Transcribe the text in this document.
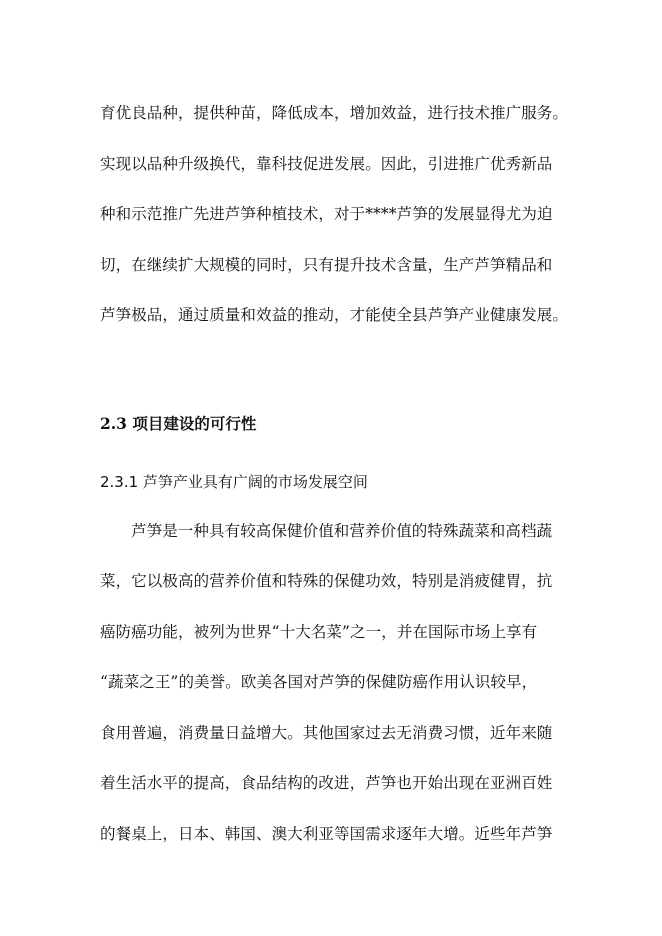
育优良品种，提供种苗，降低成本，增加效益，进行技术推广服务。
实现以品种升级换代，靠科技促进发展。因此，引进推广优秀新品
种和示范推广先进芦笋种植技术，对于****芦笋的发展显得尤为迫
切，在继续扩大规模的同时，只有提升技术含量，生产芦笋精品和
芦笋极品，通过质量和效益的推动，才能使全县芦笋产业健康发展。
2.3 项目建设的可行性
2.3.1 芦笋产业具有广阔的市场发展空间
芦笋是一种具有较高保健价值和营养价值的特殊蔬菜和高档蔬
菜，它以极高的营养价值和特殊的保健功效，特别是消疲健胃，抗
癌防癌功能，被列为世界“十大名菜”之一，并在国际市场上享有
“蔬菜之王”的美誉。欧美各国对芦笋的保健防癌作用认识较早，
食用普遍，消费量日益增大。其他国家过去无消费习惯，近年来随
着生活水平的提高，食品结构的改进，芦笋也开始出现在亚洲百姓
的餐桌上，日本、韩国、澳大利亚等国需求逐年大增。近些年芦笋
